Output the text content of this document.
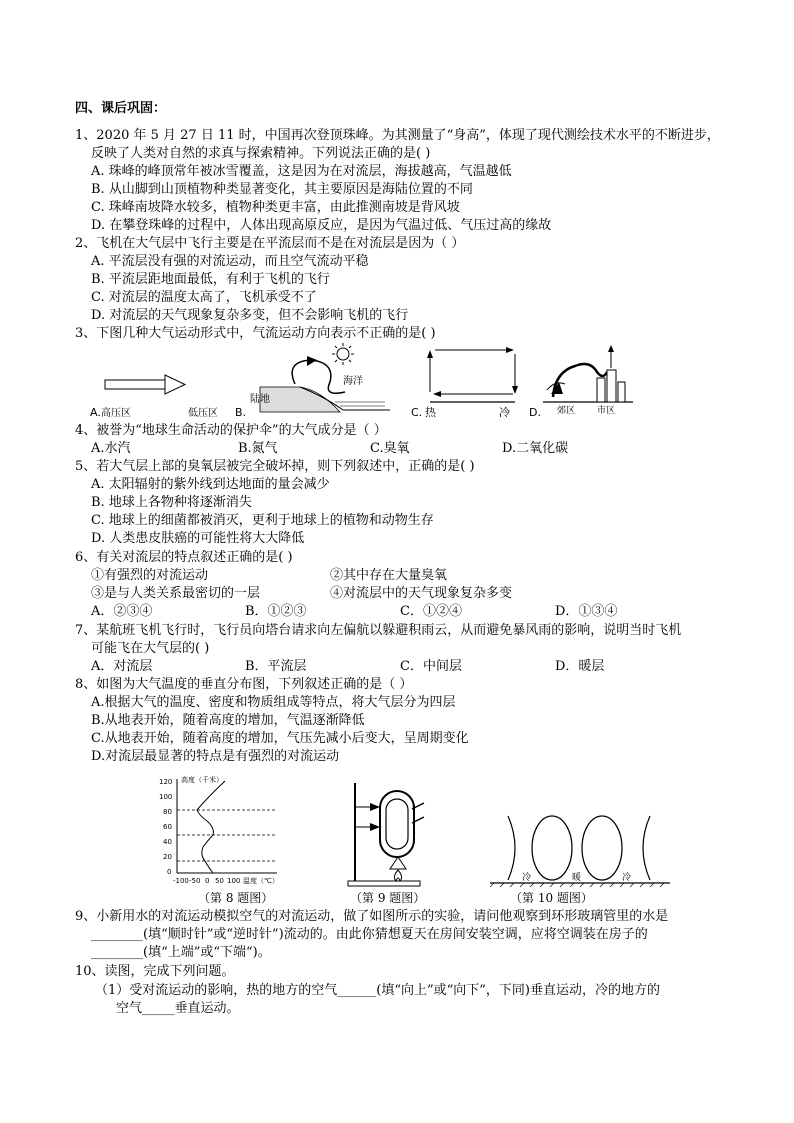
四、课后巩固：
1、2020 年 5 月 27 日 11 时，中国再次登顶珠峰。为其测量了“身高”，体现了现代测绘技术水平的不断进步，
反映了人类对自然的求真与探索精神。下列说法正确的是( )
A. 珠峰的峰顶常年被冰雪覆盖，这是因为在对流层，海拔越高，气温越低
B. 从山脚到山顶植物种类显著变化，其主要原因是海陆位置的不同
C. 珠峰南坡降水较多，植物种类更丰富，由此推测南坡是背风坡
D. 在攀登珠峰的过程中，人体出现高原反应，是因为气温过低、气压过高的缘故
2、飞机在大气层中飞行主要是在平流层而不是在对流层是因为（ ）
A. 平流层没有强的对流运动，而且空气流动平稳
B. 平流层距地面最低，有利于飞机的飞行
C. 对流层的温度太高了，飞机承受不了
D. 对流层的天气现象复杂多变，但不会影响飞机的飞行
3、下图几种大气运动形式中，气流运动方向表示不正确的是( )
A. 高压区	低压区 B.
陆地
海洋
C. 热	冷 D. 郊区 市区
4、被誉为“地球生命活动的保护伞”的大气成分是（ ）
A.水汽	B.氮气	C.臭氧	D.二氧化碳
5、若大气层上部的臭氧层被完全破坏掉，则下列叙述中，正确的是( )
A. 太阳辐射的紫外线到达地面的量会减少
B. 地球上各物种将逐渐消失
C. 地球上的细菌都被消灭，更利于地球上的植物和动物生存
D. 人类患皮肤癌的可能性将大大降低
6、有关对流层的特点叙述正确的是( )
①有强烈的对流运动	②其中存在大量臭氧
③是与人类关系最密切的一层	④对流层中的天气现象复杂多变
A．②③④	B．①②③	C．①②④	D．①③④
7、某航班飞机飞行时，飞行员向塔台请求向左偏航以躲避积雨云，从而避免暴风雨的影响，说明当时飞机
可能飞在大气层的( )
A．对流层	B．平流层	C．中间层	D．暖层
8、如图为大气温度的垂直分布图，下列叙述正确的是（ ）
A.根据大气的温度、密度和物质组成等特点，将大气层分为四层
B.从地表开始，随着高度的增加，气温逐渐降低
C.从地表开始，随着高度的增加，气压先减小后变大，呈周期变化
D.对流层最显著的特点是有强烈的对流运动
高度（千米）
120
100
80
60
40
20
0
-100 -50 0 50 100 温度（℃）
（第 8 题图）	（第 9 题图）
冷	暖	冷
（第 10 题图）
9、小新用水的对流运动模拟空气的对流运动，做了如图所示的实验，请问他观察到环形玻璃管里的水是
________(填“顺时针”或“逆时针”)流动的。由此你猜想夏天在房间安装空调，应将空调装在房子的
________(填“上端”或“下端“)。
10、读图，完成下列问题。
（1）受对流运动的影响，热的地方的空气______(填“向上”或“向下”，下同)垂直运动，冷的地方的
空气_____垂直运动。
